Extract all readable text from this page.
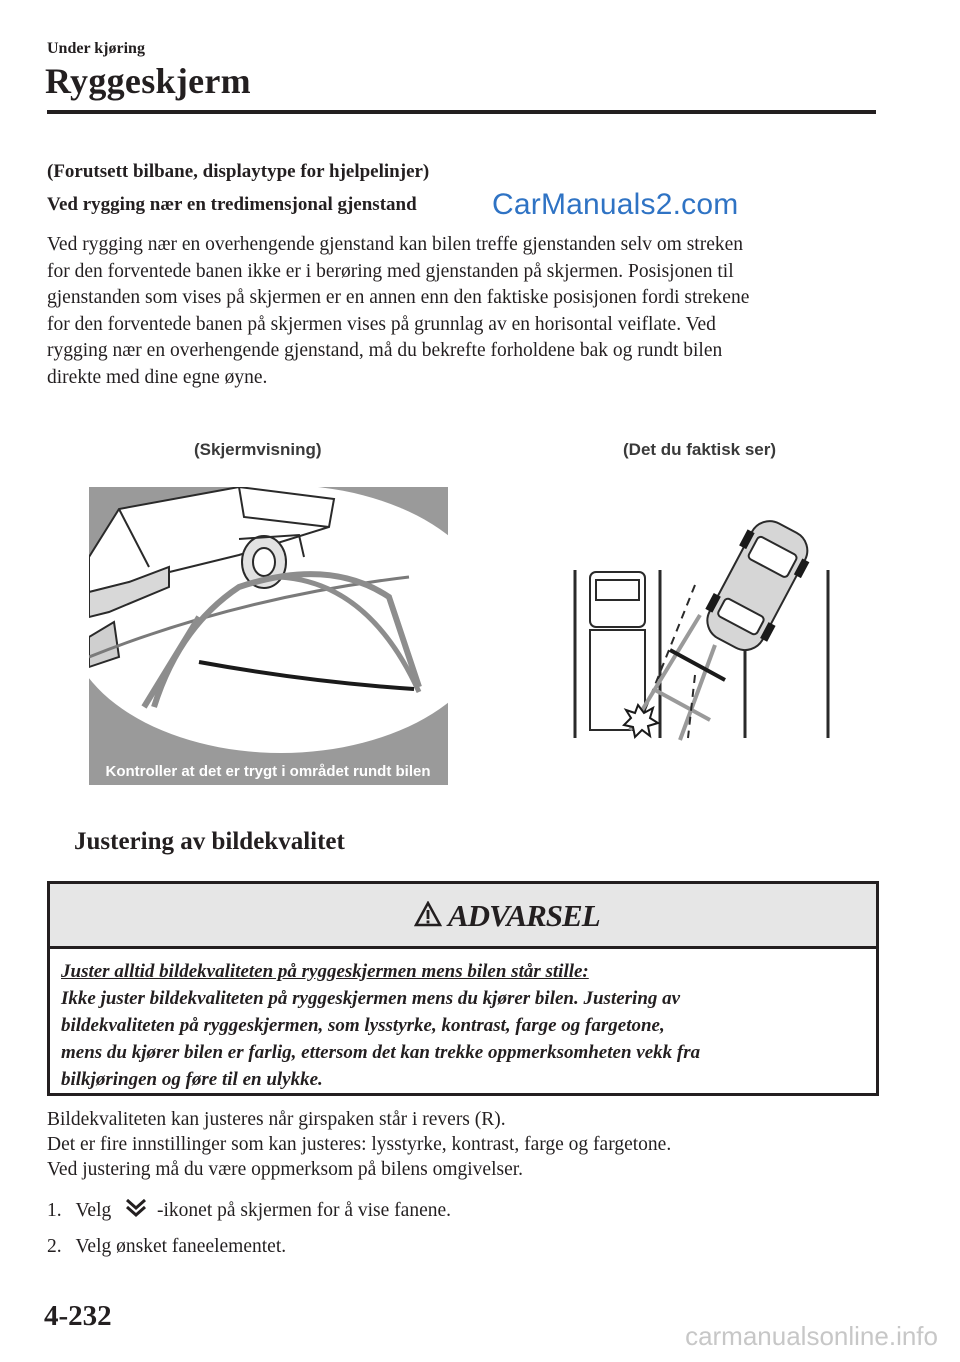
Under kjøring
Ryggeskjerm
(Forutsett bilbane, displaytype for hjelpelinjer)
Ved rygging nær en tredimensjonal gjenstand	CarManuals2.com
Ved rygging nær en overhengende gjenstand kan bilen treffe gjenstanden selv om streken
for den forventede banen ikke er i berøring med gjenstanden på skjermen. Posisjonen til
gjenstanden som vises på skjermen er en annen enn den faktiske posisjonen fordi strekene
for den forventede banen på skjermen vises på grunnlag av en horisontal veiflate. Ved
rygging nær en overhengende gjenstand, må du bekrefte forholdene bak og rundt bilen
direkte med dine egne øyne.
(Skjermvisning)	(Det du faktisk ser)
Kontroller at det er trygt i området rundt bilen
Justering av bildekvalitet
ADVARSEL
Juster alltid bildekvaliteten på ryggeskjermen mens bilen står stille:
Ikke juster bildekvaliteten på ryggeskjermen mens du kjører bilen. Justering av
bildekvaliteten på ryggeskjermen, som lysstyrke, kontrast, farge og fargetone,
mens du kjører bilen er farlig, ettersom det kan trekke oppmerksomheten vekk fra
bilkjøringen og føre til en ulykke.
Bildekvaliteten kan justeres når girspaken står i revers (R).
Det er fire innstillinger som kan justeres: lysstyrke, kontrast, farge og fargetone.
Ved justering må du være oppmerksom på bilens omgivelser.
1. Velg -ikonet på skjermen for å vise fanene.
2. Velg ønsket faneelementet.
4-232
carmanualsonline.info
